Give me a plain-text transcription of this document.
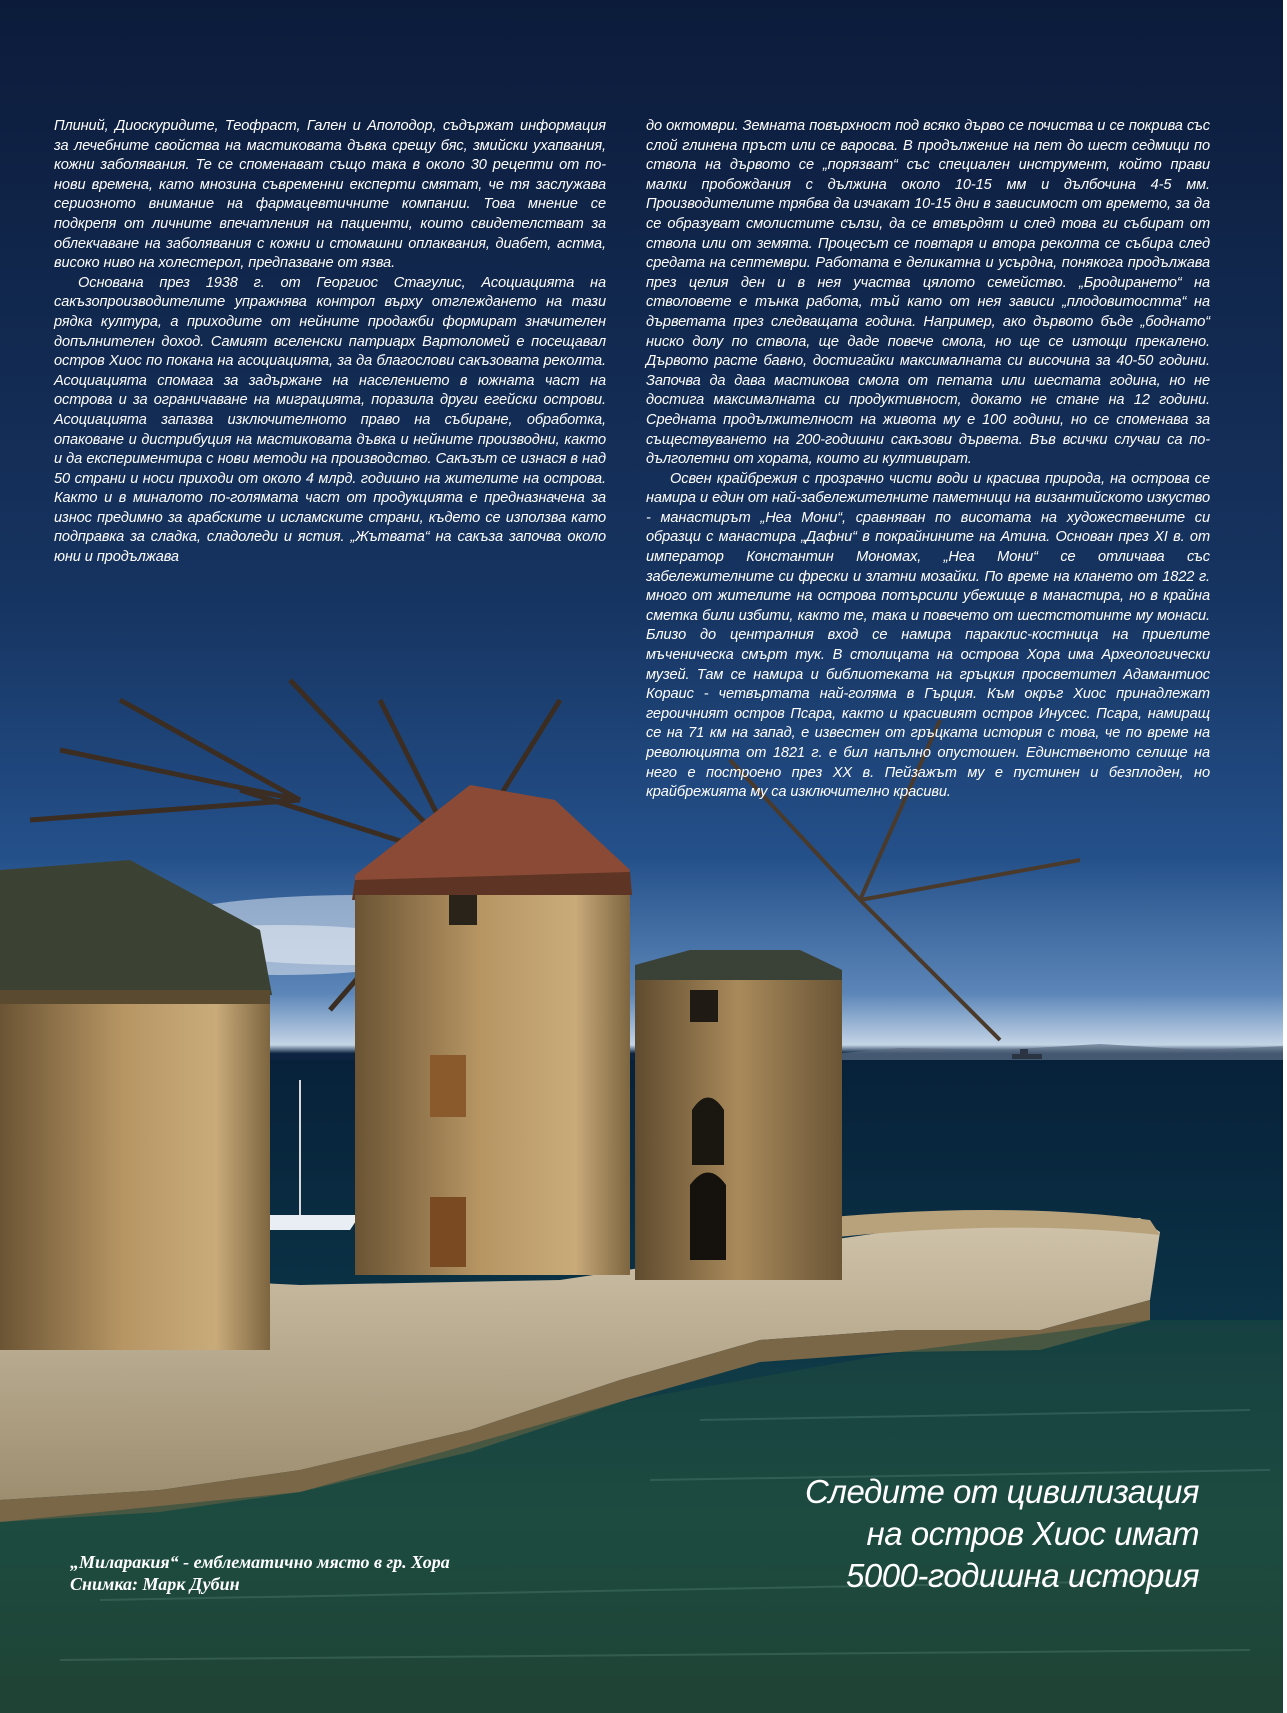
Плиний, Диоскуридите, Теофраст, Гален и Аполодор, съдържат информация за лечебните свойства на мастиковата дъвка срещу бяс, змийски ухапвания, кожни заболявания. Те се споменават също така в около 30 рецепти от по-нови времена, като мнозина съвременни експерти смятат, че тя заслужава сериозното внимание на фармацевтичните компании. Това мнение се подкрепя от личните впечатления на пациенти, които свидетелстват за облекчаване на заболявания с кожни и стомашни оплаквания, диабет, астма, високо ниво на холестерол, предпазване от язва.

Основана през 1938 г. от Георгиос Стагулис, Асоциацията на сакъзопроизводителите упражнява контрол върху отглеждането на тази рядка култура, а приходите от нейните продажби формират значителен допълнителен доход. Самият вселенски патриарх Вартоломей е посещавал остров Хиос по покана на асоциацията, за да благослови сакъзовата реколта. Асоциацията спомага за задържане на населението в южната част на острова и за ограничаване на миграцията, поразила други егейски острови. Асоциацията запазва изключителното право на събиране, обработка, опаковане и дистрибуция на мастиковата дъвка и нейните производни, както и да експериментира с нови методи на производство. Сакъзът се изнася в над 50 страни и носи приходи от около 4 млрд. годишно на жителите на острова. Както и в миналото по-голямата част от продукцията е предназначена за износ предимно за арабските и исламските страни, където се използва като подправка за сладка, сладоледи и ястия. „Жътвата“ на сакъза започва около юни и продължава

до октомври. Земната повърхност под всяко дърво се почиства и се покрива със слой глинена пръст или се варосва. В продължение на пет до шест седмици по ствола на дървото се „порязват“ със специален инструмент, който прави малки пробождания с дължина около 10-15 мм и дълбочина 4-5 мм. Производителите трябва да изчакат 10-15 дни в зависимост от времето, за да се образуват смолистите сълзи, да се втвърдят и след това ги събират от ствола или от земята. Процесът се повтаря и втора реколта се събира след средата на септември. Работата е деликатна и усърдна, понякога продължава през целия ден и в нея участва цялото семейство. „Бродирането“ на стволовете е тънка работа, тъй като от нея зависи „плодовитостта“ на дърветата през следващата година. Например, ако дървото бъде „боднато“ ниско долу по ствола, ще даде повече смола, но ще се изтощи прекалено. Дървото расте бавно, достигайки максималната си височина за 40-50 години. Започва да дава мастикова смола от петата или шестата година, но не достига максималната си продуктивност, докато не стане на 12 години. Средната продължителност на живота му е 100 години, но се споменава за съществуването на 200-годишни сакъзови дървета. Във всички случаи са по-дълголетни от хората, които ги култивират.

Освен крайбрежия с прозрачно чисти води и красива природа, на острова се намира и един от най-забележителните паметници на византийското изкуство - манастирът „Неа Мони“, сравняван по висотата на художествените си образци с манастира „Дафни“ в покрайнините на Атина. Основан през XI в. от император Константин Мономах, „Неа Мони“ се отличава със забележителните си фрески и златни мозайки. По време на кланeто от 1822 г. много от жителите на острова потърсили убежище в манастира, но в крайна сметка били избити, както те, така и повечето от шестстотинте му монаси. Близо до централния вход се намира параклис-костница на приелите мъченическа смърт тук. В столицата на острова Хора има Археологически музей. Там се намира и библиотеката на гръцкия просветител Адамантиос Кораис - четвъртата най-голяма в Гърция. Към окръг Хиос принадлежат героичният остров Псара, както и красивият остров Инусес. Псара, намиращ се на 71 км на запад, е известен от гръцката история с това, че по време на революцията от 1821 г. е бил напълно опустошен. Единственото селище на него е построено през XX в. Пейзажът му е пустинен и безплоден, но крайбрежията му са изключително красиви.

„Миларакия“ - емблематично място в гр. Хора
Снимка: Марк Дубин
Следите от цивилизация
на остров Хиос имат
5000-годишна история
